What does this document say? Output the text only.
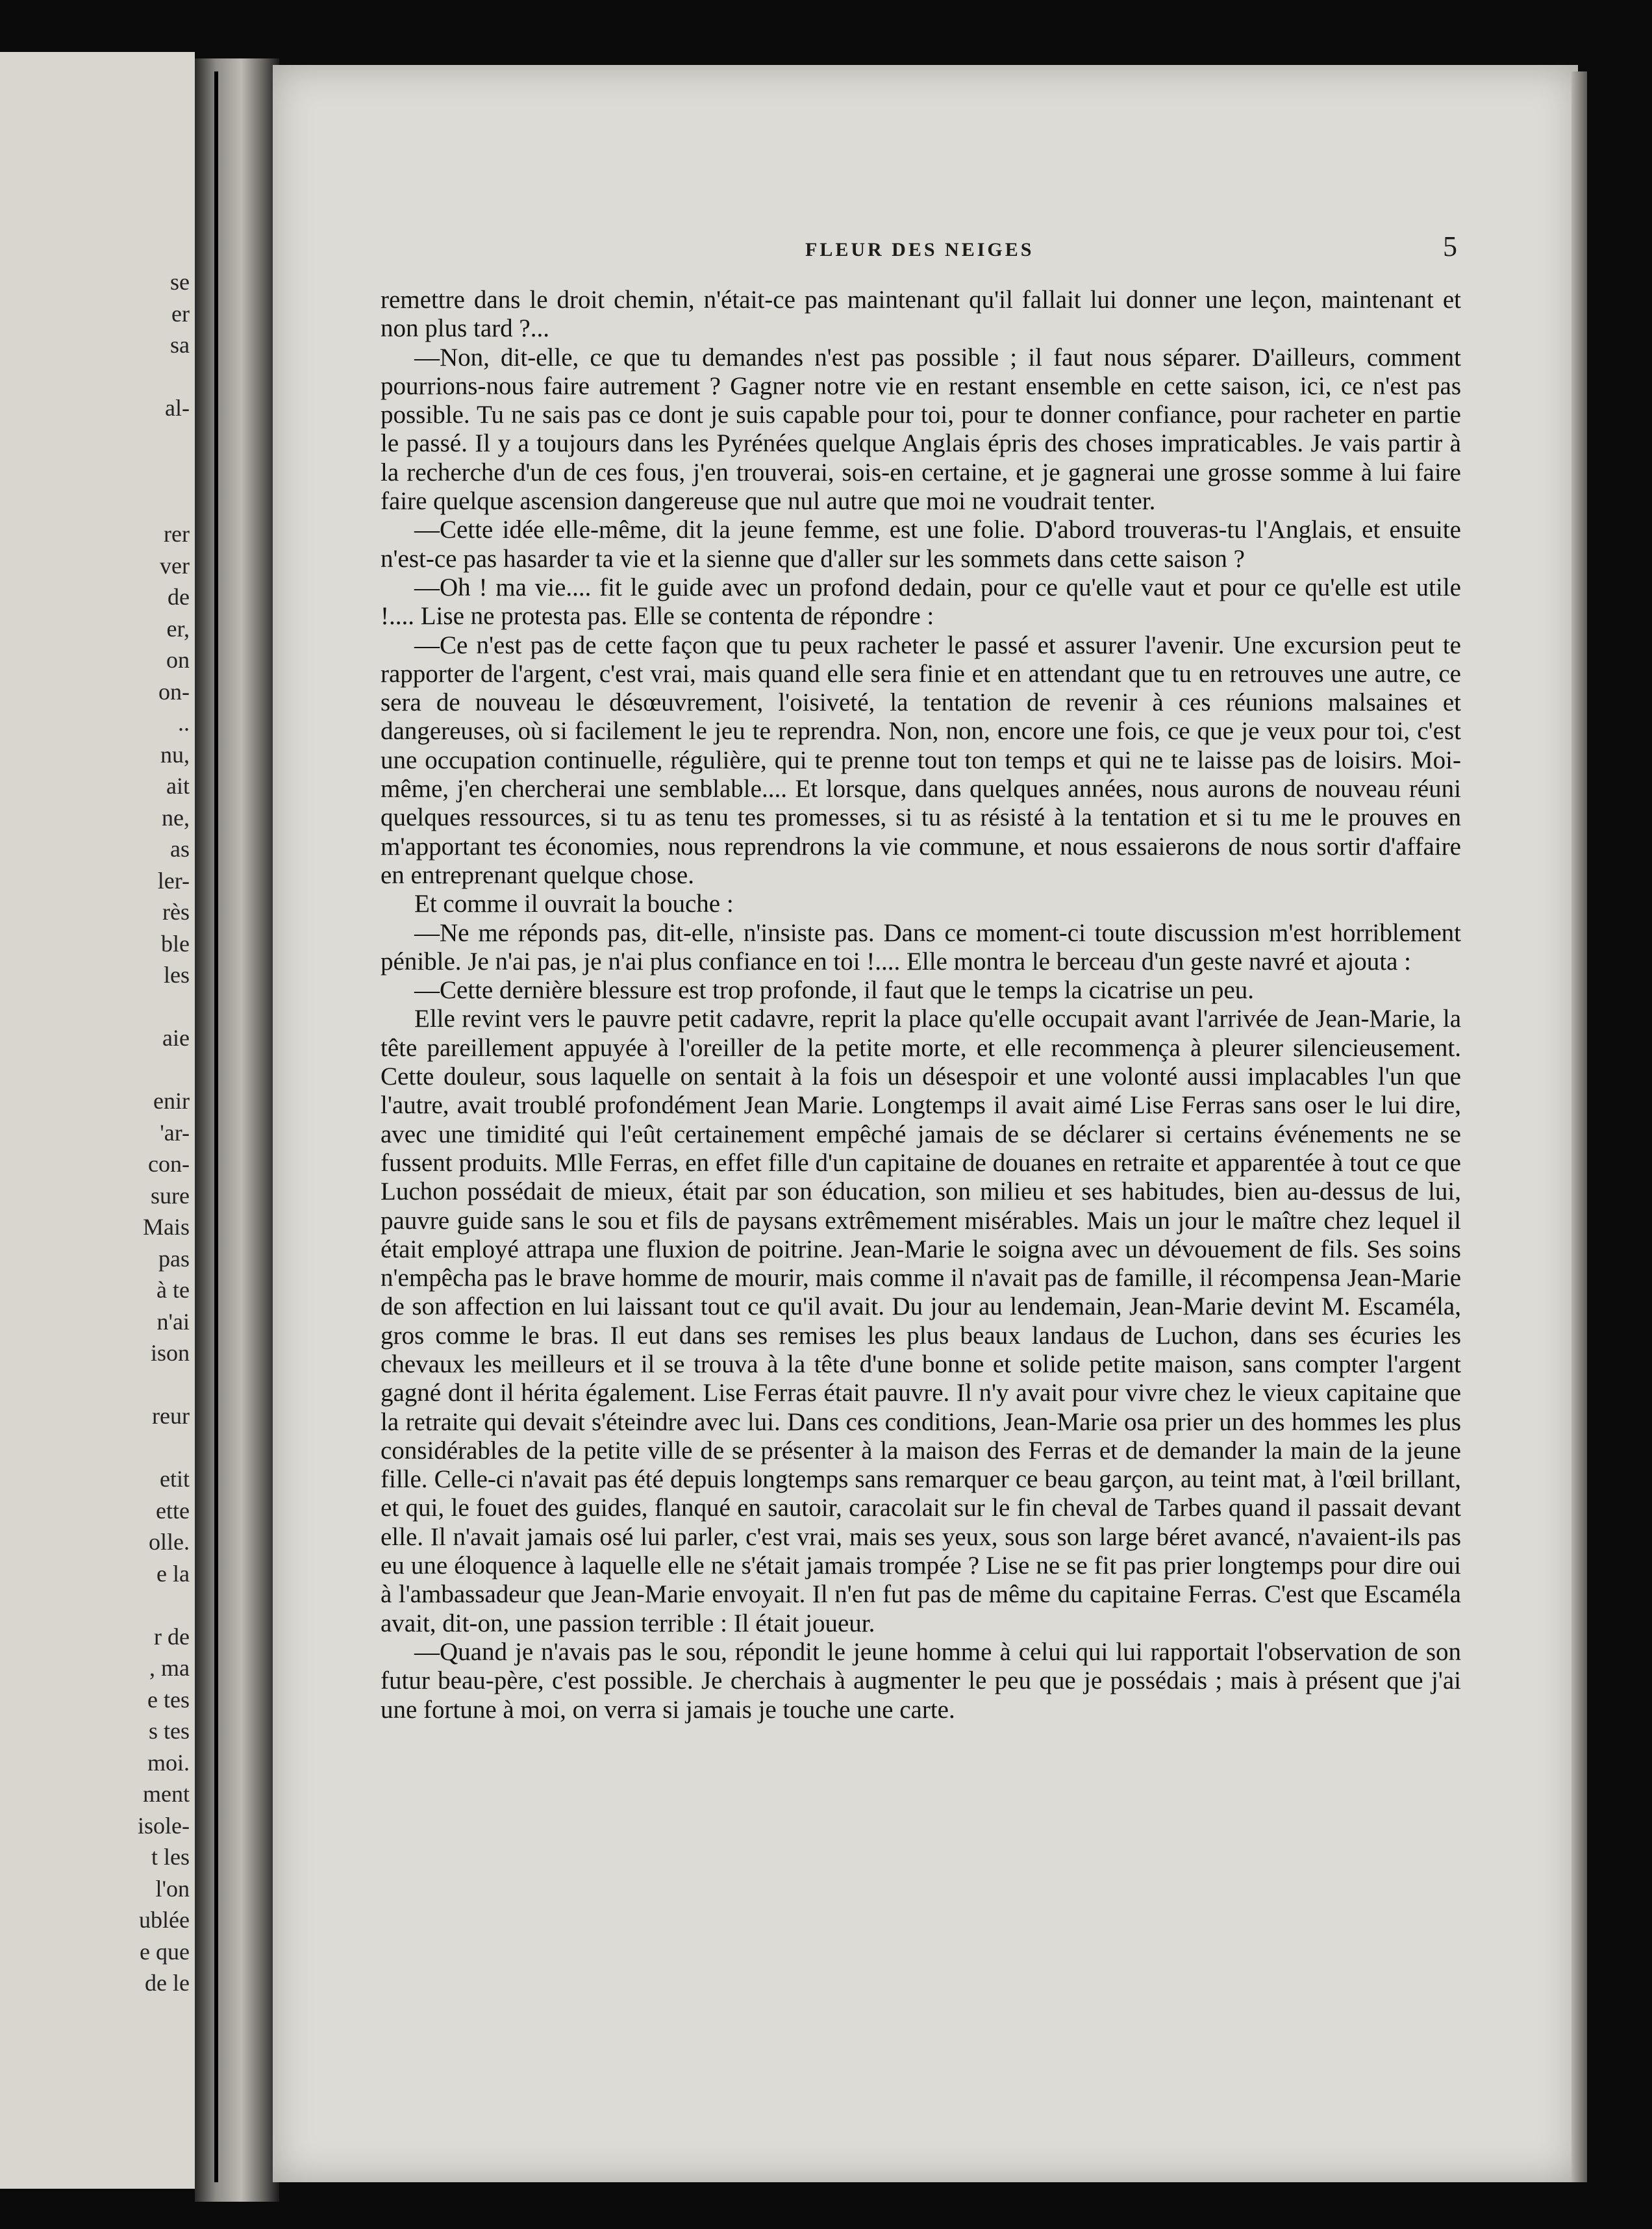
se
er
sa
al-
rer
ver
de
er,
on
on-
..
nu,
ait
ne,
as
ler-
rès
ble
les
aie
enir
'ar-
con-
sure
Mais
pas
à te
n'ai
ison
reur
etit
ette
olle.
e la
r de
, ma
e tes
s tes
moi.
ment
isole-
t les
l'on
ublée
e que
de le
FLEUR DES NEIGES	5

remettre dans le droit chemin, n'était-ce pas maintenant qu'il fallait lui donner une leçon, maintenant et non plus tard ?...

—Non, dit-elle, ce que tu demandes n'est pas possible ; il faut nous séparer. D'ailleurs, comment pourrions-nous faire autrement ? Gagner notre vie en restant ensemble en cette saison, ici, ce n'est pas possible. Tu ne sais pas ce dont je suis capable pour toi, pour te donner confiance, pour racheter en partie le passé. Il y a toujours dans les Pyrénées quelque Anglais épris des choses impraticables. Je vais partir à la recherche d'un de ces fous, j'en trouverai, sois-en certaine, et je gagnerai une grosse somme à lui faire faire quelque ascension dangereuse que nul autre que moi ne voudrait tenter.

—Cette idée elle-même, dit la jeune femme, est une folie. D'abord trouveras-tu l'Anglais, et ensuite n'est-ce pas hasarder ta vie et la sienne que d'aller sur les sommets dans cette saison ?

—Oh ! ma vie.... fit le guide avec un profond dedain, pour ce qu'elle vaut et pour ce qu'elle est utile !.... Lise ne protesta pas. Elle se contenta de répondre :

—Ce n'est pas de cette façon que tu peux racheter le passé et assurer l'avenir. Une excursion peut te rapporter de l'argent, c'est vrai, mais quand elle sera finie et en attendant que tu en retrouves une autre, ce sera de nouveau le désœuvrement, l'oisiveté, la tentation de revenir à ces réunions malsaines et dangereuses, où si facilement le jeu te reprendra. Non, non, encore une fois, ce que je veux pour toi, c'est une occupation continuelle, régulière, qui te prenne tout ton temps et qui ne te laisse pas de loisirs. Moi-même, j'en chercherai une semblable.... Et lorsque, dans quelques années, nous aurons de nouveau réuni quelques ressources, si tu as tenu tes promesses, si tu as résisté à la tentation et si tu me le prouves en m'apportant tes économies, nous reprendrons la vie commune, et nous essaierons de nous sortir d'affaire en entreprenant quelque chose.

Et comme il ouvrait la bouche :

—Ne me réponds pas, dit-elle, n'insiste pas. Dans ce moment-ci toute discussion m'est horriblement pénible. Je n'ai pas, je n'ai plus confiance en toi !.... Elle montra le berceau d'un geste navré et ajouta :

—Cette dernière blessure est trop profonde, il faut que le temps la cicatrise un peu.

Elle revint vers le pauvre petit cadavre, reprit la place qu'elle occupait avant l'arrivée de Jean-Marie, la tête pareillement appuyée à l'oreiller de la petite morte, et elle recommença à pleurer silencieusement. Cette douleur, sous laquelle on sentait à la fois un désespoir et une volonté aussi implacables l'un que l'autre, avait troublé profondément Jean Marie. Longtemps il avait aimé Lise Ferras sans oser le lui dire, avec une timidité qui l'eût certainement empêché jamais de se déclarer si certains événements ne se fussent produits. Mlle Ferras, en effet fille d'un capitaine de douanes en retraite et apparentée à tout ce que Luchon possédait de mieux, était par son éducation, son milieu et ses habitudes, bien au-dessus de lui, pauvre guide sans le sou et fils de paysans extrêmement misérables. Mais un jour le maître chez lequel il était employé attrapa une fluxion de poitrine. Jean-Marie le soigna avec un dévouement de fils. Ses soins n'empêcha pas le brave homme de mourir, mais comme il n'avait pas de famille, il récompensa Jean-Marie de son affection en lui laissant tout ce qu'il avait. Du jour au lendemain, Jean-Marie devint M. Escaméla, gros comme le bras. Il eut dans ses remises les plus beaux landaus de Luchon, dans ses écuries les chevaux les meilleurs et il se trouva à la tête d'une bonne et solide petite maison, sans compter l'argent gagné dont il hérita également. Lise Ferras était pauvre. Il n'y avait pour vivre chez le vieux capitaine que la retraite qui devait s'éteindre avec lui. Dans ces conditions, Jean-Marie osa prier un des hommes les plus considérables de la petite ville de se présenter à la maison des Ferras et de demander la main de la jeune fille. Celle-ci n'avait pas été depuis longtemps sans remarquer ce beau garçon, au teint mat, à l'œil brillant, et qui, le fouet des guides, flanqué en sautoir, caracolait sur le fin cheval de Tarbes quand il passait devant elle. Il n'avait jamais osé lui parler, c'est vrai, mais ses yeux, sous son large béret avancé, n'avaient-ils pas eu une éloquence à laquelle elle ne s'était jamais trompée ? Lise ne se fit pas prier longtemps pour dire oui à l'ambassadeur que Jean-Marie envoyait. Il n'en fut pas de même du capitaine Ferras. C'est que Escaméla avait, dit-on, une passion terrible : Il était joueur.

—Quand je n'avais pas le sou, répondit le jeune homme à celui qui lui rapportait l'observation de son futur beau-père, c'est possible. Je cherchais à augmenter le peu que je possédais ; mais à présent que j'ai une fortune à moi, on verra si jamais je touche une carte.
